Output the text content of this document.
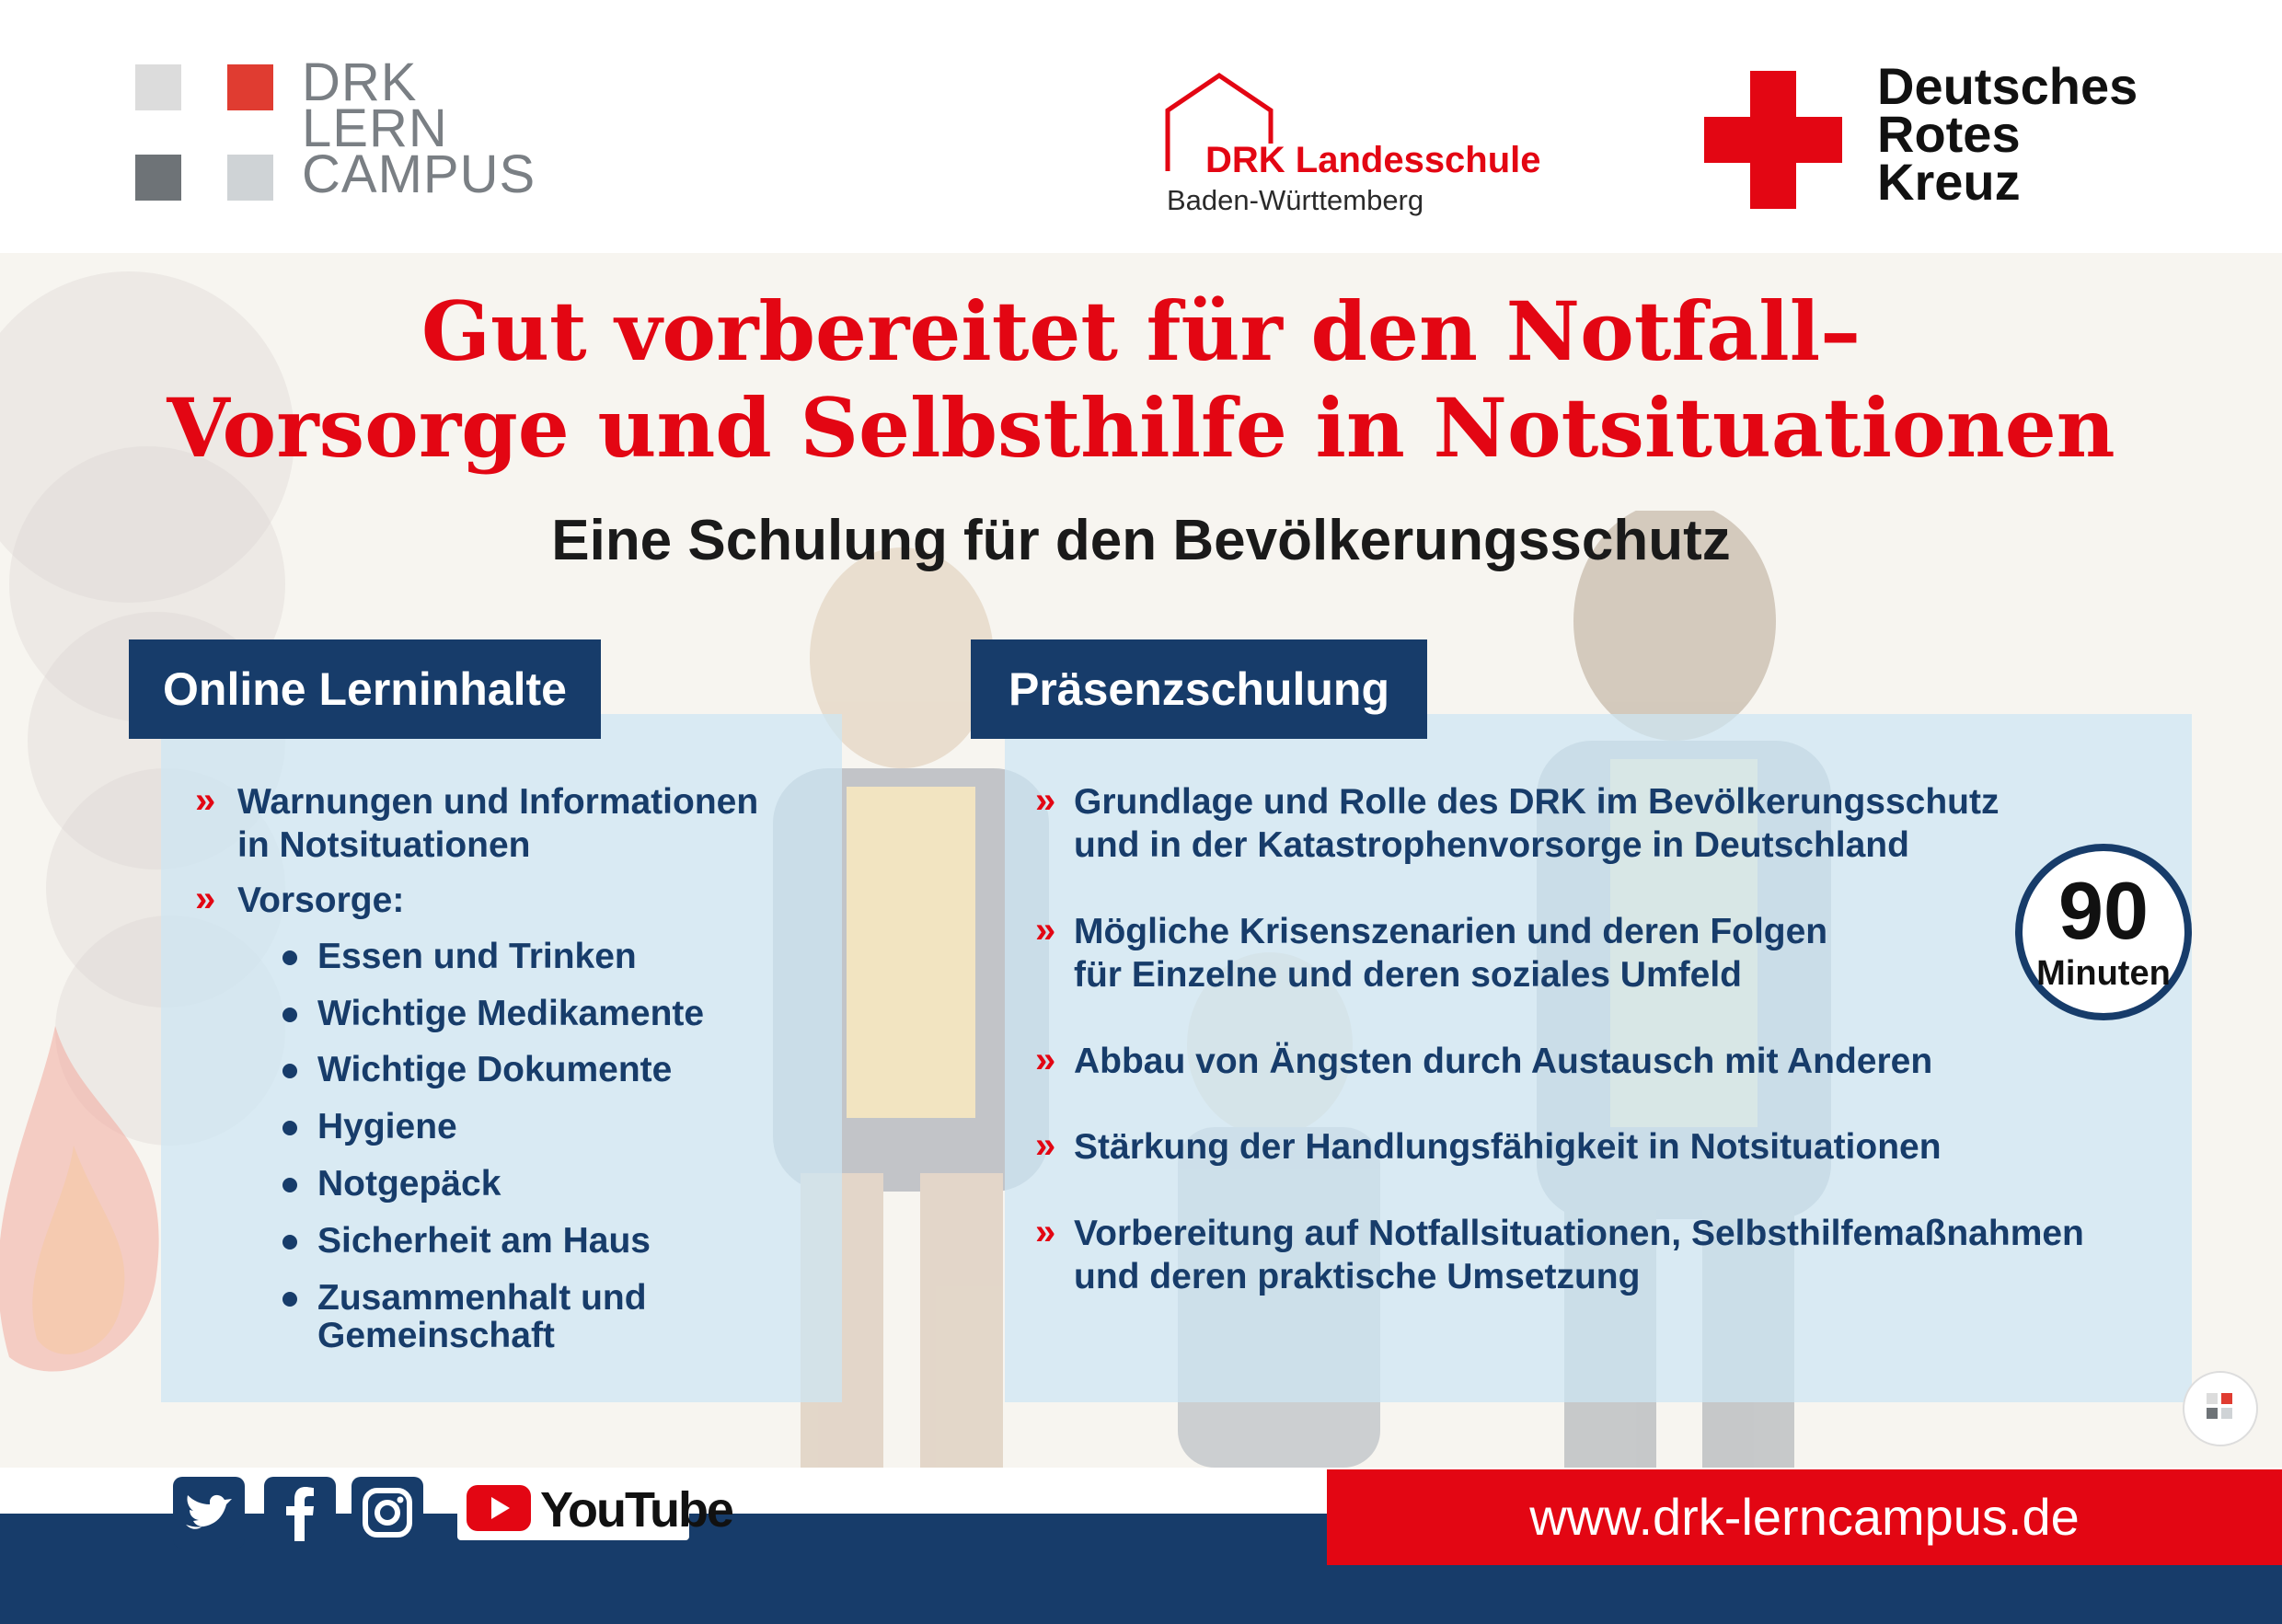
DRK
LERN
CAMPUS	DRK Landesschule
Baden-Württemberg
Deutsches
Rotes
Kreuz
Gut vorbereitet für den Notfall–
Vorsorge und Selbsthilfe in Notsituationen
Eine Schulung für den Bevölkerungsschutz
Online Lerninhalte
» Warnungen und Informationen
in Notsituationen
» Vorsorge:
Essen und Trinken
Wichtige Medikamente
Wichtige Dokumente
Hygiene
Notgepäck
Sicherheit am Haus
Zusammenhalt und
Gemeinschaft
Präsenzschulung
» Grundlage und Rolle des DRK im Bevölkerungsschutz
und in der Katastrophenvorsorge in Deutschland
» Mögliche Krisenszenarien und deren Folgen
für Einzelne und deren soziales Umfeld
» Abbau von Ängsten durch Austausch mit Anderen
» Stärkung der Handlungsfähigkeit in Notsituationen
» Vorbereitung auf Notfallsituationen, Selbsthilfemaßnahmen
und deren praktische Umsetzung
90
Minuten
YouTube	www.drk-lerncampus.de
